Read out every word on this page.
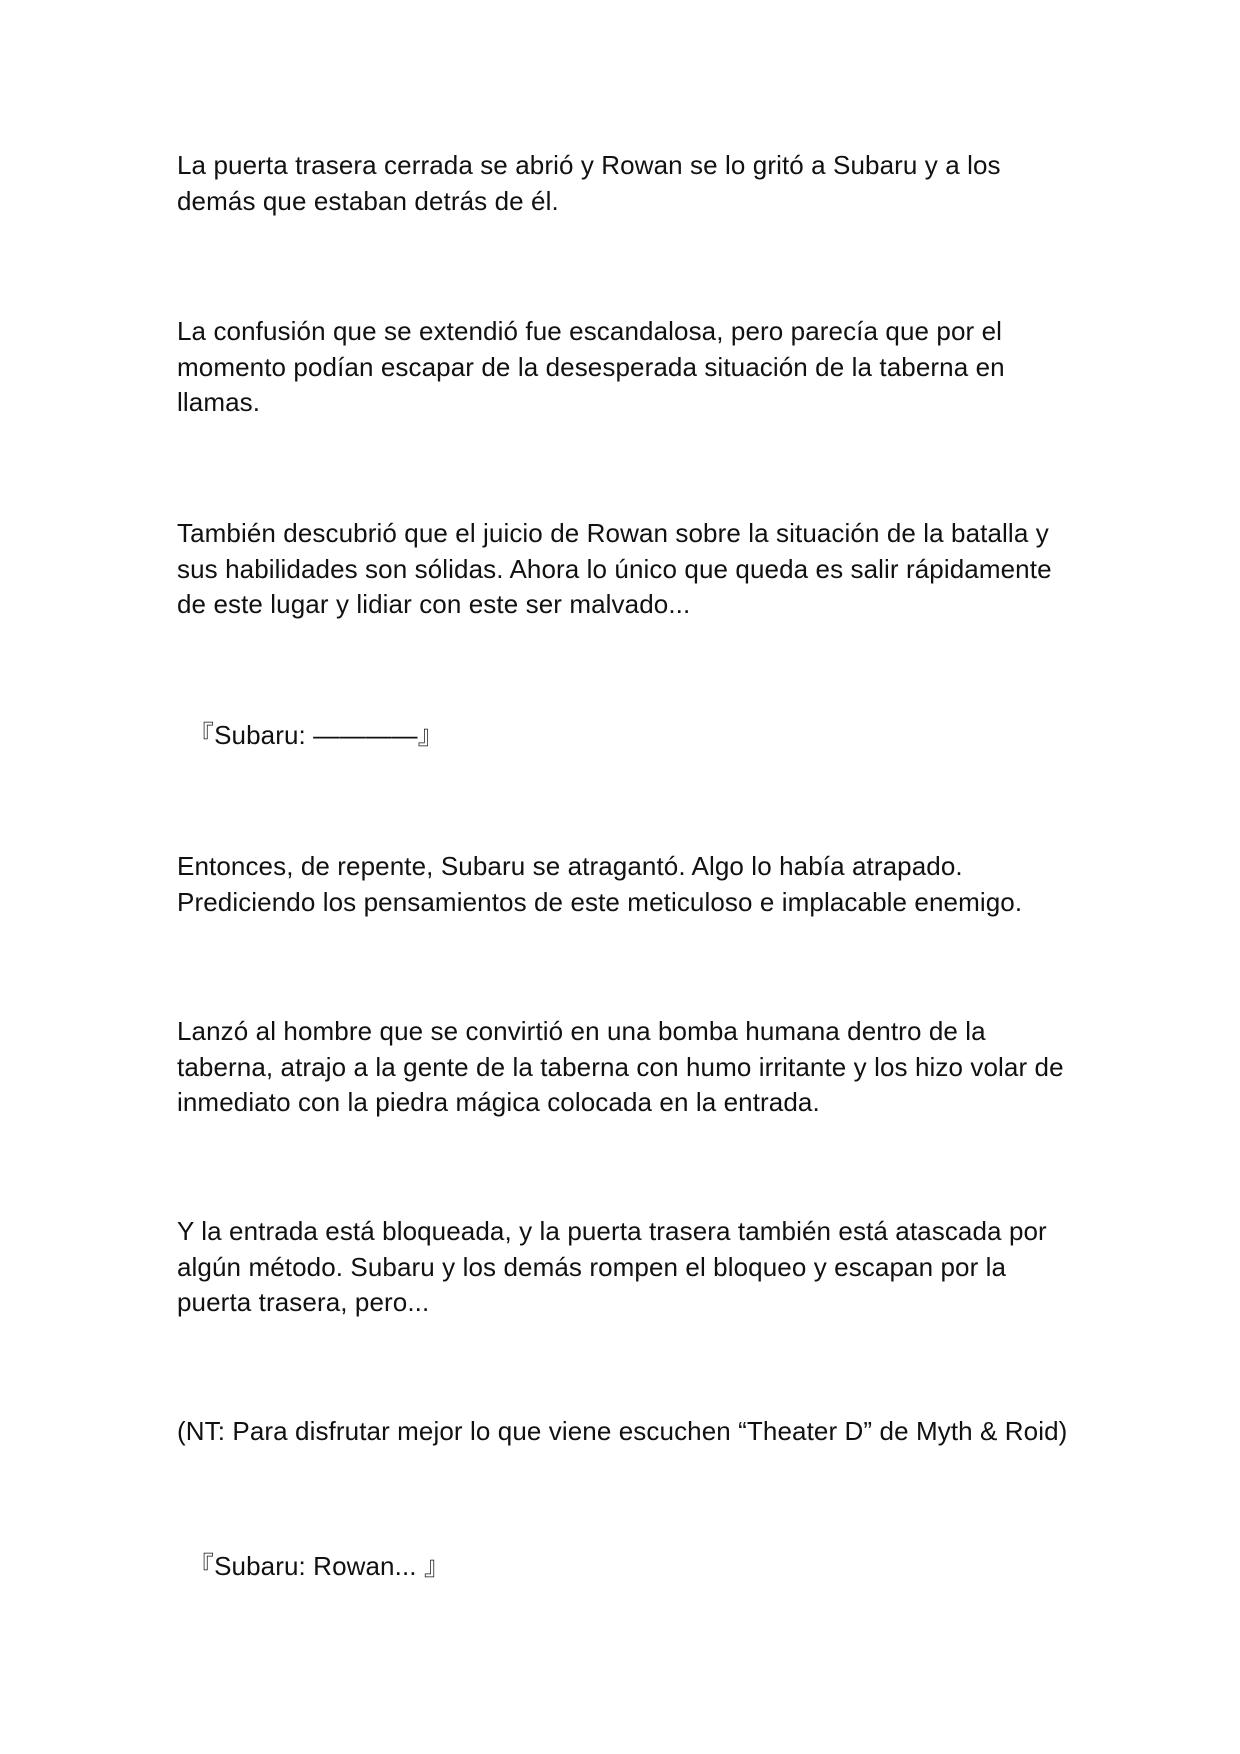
La puerta trasera cerrada se abrió y Rowan se lo gritó a Subaru y a los demás que estaban detrás de él.

La confusión que se extendió fue escandalosa, pero parecía que por el momento podían escapar de la desesperada situación de la taberna en llamas.

También descubrió que el juicio de Rowan sobre la situación de la batalla y sus habilidades son sólidas. Ahora lo único que queda es salir rápidamente de este lugar y lidiar con este ser malvado...

『Subaru: ————』

Entonces, de repente, Subaru se atragantó. Algo lo había atrapado. Prediciendo los pensamientos de este meticuloso e implacable enemigo.

Lanzó al hombre que se convirtió en una bomba humana dentro de la taberna, atrajo a la gente de la taberna con humo irritante y los hizo volar de inmediato con la piedra mágica colocada en la entrada.

Y la entrada está bloqueada, y la puerta trasera también está atascada por algún método. Subaru y los demás rompen el bloqueo y escapan por la puerta trasera, pero...

(NT: Para disfrutar mejor lo que viene escuchen “Theater D” de Myth & Roid)

『Subaru: Rowan... 』
